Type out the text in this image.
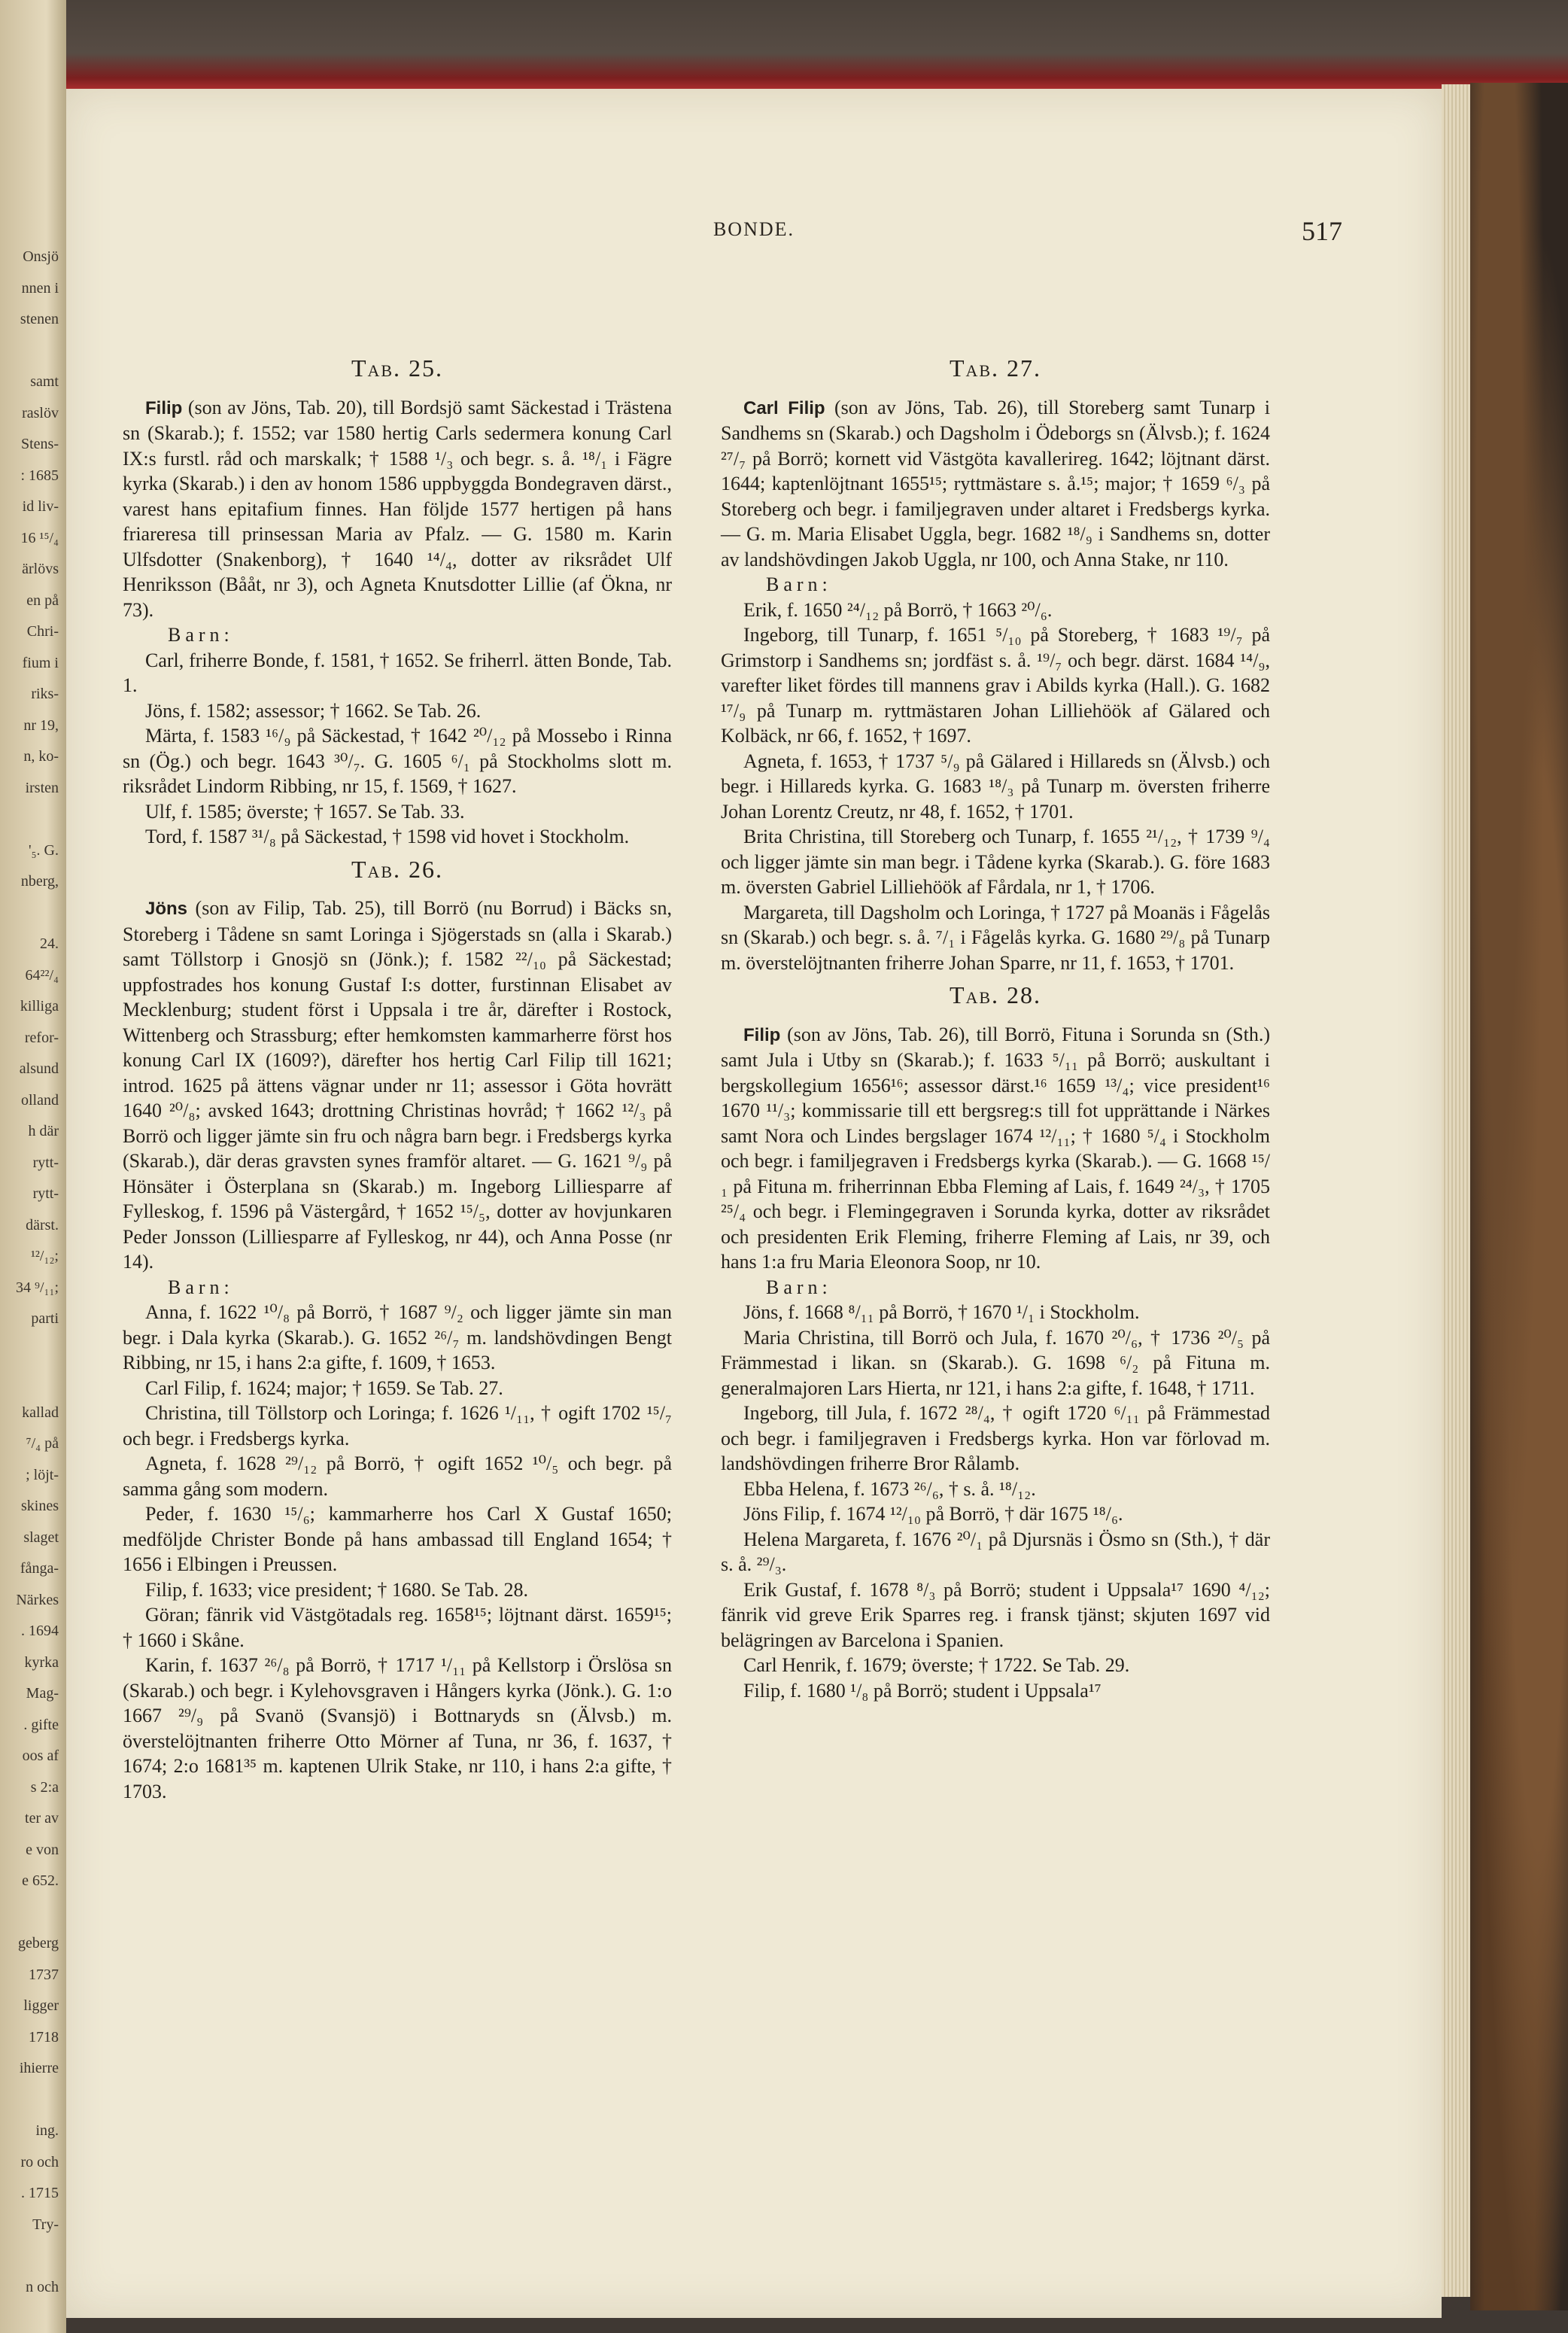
Onsjö
nnen i
stenen
samt
raslöv
Stens-
: 1685
id liv-
16 ¹⁵/₄
ärlövs
en på
Chri-
fium i
riks-
nr 19,
n, ko-
irsten
'₅. G.
nberg,
24.
64²²/₄
killiga
refor-
alsund
olland
h där
rytt-
rytt-
därst.
¹²/₁₂;
34 ⁹/₁₁;
parti
kallad
⁷/₄ på
; löjt-
skines
slaget
fånga-
Närkes
. 1694
kyrka
Mag-
. gifte
oos af
s 2:a
ter av
e von
e 652.
geberg
1737
ligger
1718
ihierre
ing.
ro och
. 1715
Try-
n och
BONDE.	517

Tab. 25.

Filip (son av Jöns, Tab. 20), till Bordsjö samt Säckestad i Trästena sn (Skarab.); f. 1552; var 1580 hertig Carls sedermera konung Carl IX:s furstl. råd och marskalk; † 1588 ¹/₃ och begr. s. å. ¹⁸/₁ i Fägre kyrka (Skarab.) i den av honom 1586 uppbyggda Bondegraven därst., varest hans epitafium finnes. Han följde 1577 hertigen på hans friareresa till prinsessan Maria av Pfalz. — G. 1580 m. Karin Ulfsdotter (Snakenborg), † 1640 ¹⁴/₄, dotter av riksrådet Ulf Henriksson (Bååt, nr 3), och Agneta Knutsdotter Lillie (af Ökna, nr 73).

Barn:

Carl, friherre Bonde, f. 1581, † 1652. Se friherrl. ätten Bonde, Tab. 1.

Jöns, f. 1582; assessor; † 1662. Se Tab. 26.

Märta, f. 1583 ¹⁶/₉ på Säckestad, † 1642 ²⁰/₁₂ på Mossebo i Rinna sn (Ög.) och begr. 1643 ³⁰/₇. G. 1605 ⁶/₁ på Stockholms slott m. riksrådet Lindorm Ribbing, nr 15, f. 1569, † 1627.

Ulf, f. 1585; överste; † 1657. Se Tab. 33.

Tord, f. 1587 ³¹/₈ på Säckestad, † 1598 vid hovet i Stockholm.

Tab. 26.

Jöns (son av Filip, Tab. 25), till Borrö (nu Borrud) i Bäcks sn, Storeberg i Tådene sn samt Loringa i Sjögerstads sn (alla i Skarab.) samt Töllstorp i Gnosjö sn (Jönk.); f. 1582 ²²/₁₀ på Säckestad; uppfostrades hos konung Gustaf I:s dotter, furstinnan Elisabet av Mecklenburg; student först i Uppsala i tre år, därefter i Rostock, Wittenberg och Strassburg; efter hemkomsten kammarherre först hos konung Carl IX (1609?), därefter hos hertig Carl Filip till 1621; introd. 1625 på ättens vägnar under nr 11; assessor i Göta hovrätt 1640 ²⁰/₈; avsked 1643; drottning Christinas hovråd; † 1662 ¹²/₃ på Borrö och ligger jämte sin fru och några barn begr. i Fredsbergs kyrka (Skarab.), där deras gravsten synes framför altaret. — G. 1621 ⁹/₉ på Hönsäter i Österplana sn (Skarab.) m. Ingeborg Lilliesparre af Fylleskog, f. 1596 på Västergård, † 1652 ¹⁵/₅, dotter av hovjunkaren Peder Jonsson (Lilliesparre af Fylleskog, nr 44), och Anna Posse (nr 14).

Barn:

Anna, f. 1622 ¹⁰/₈ på Borrö, † 1687 ⁹/₂ och ligger jämte sin man begr. i Dala kyrka (Skarab.). G. 1652 ²⁶/₇ m. landshövdingen Bengt Ribbing, nr 15, i hans 2:a gifte, f. 1609, † 1653.

Carl Filip, f. 1624; major; † 1659. Se Tab. 27.

Christina, till Töllstorp och Loringa; f. 1626 ¹/₁₁, † ogift 1702 ¹⁵/₇ och begr. i Fredsbergs kyrka.

Agneta, f. 1628 ²⁹/₁₂ på Borrö, † ogift 1652 ¹⁰/₅ och begr. på samma gång som modern.

Peder, f. 1630 ¹⁵/₆; kammarherre hos Carl X Gustaf 1650; medföljde Christer Bonde på hans ambassad till England 1654; † 1656 i Elbingen i Preussen.

Filip, f. 1633; vice president; † 1680. Se Tab. 28.

Göran; fänrik vid Västgötadals reg. 1658¹⁵; löjtnant därst. 1659¹⁵; † 1660 i Skåne.

Karin, f. 1637 ²⁶/₈ på Borrö, † 1717 ¹/₁₁ på Kellstorp i Örslösa sn (Skarab.) och begr. i Kylehovsgraven i Hångers kyrka (Jönk.). G. 1:o 1667 ²⁹/₉ på Svanö (Svansjö) i Bottnaryds sn (Älvsb.) m. överstelöjtnanten friherre Otto Mörner af Tuna, nr 36, f. 1637, † 1674; 2:o 1681³⁵ m. kaptenen Ulrik Stake, nr 110, i hans 2:a gifte, † 1703.

Tab. 27.

Carl Filip (son av Jöns, Tab. 26), till Storeberg samt Tunarp i Sandhems sn (Skarab.) och Dagsholm i Ödeborgs sn (Älvsb.); f. 1624 ²⁷/₇ på Borrö; kornett vid Västgöta kavallerireg. 1642; löjtnant därst. 1644; kaptenlöjtnant 1655¹⁵; ryttmästare s. å.¹⁵; major; † 1659 ⁶/₃ på Storeberg och begr. i familjegraven under altaret i Fredsbergs kyrka. — G. m. Maria Elisabet Uggla, begr. 1682 ¹⁸/₉ i Sandhems sn, dotter av landshövdingen Jakob Uggla, nr 100, och Anna Stake, nr 110.

Barn:

Erik, f. 1650 ²⁴/₁₂ på Borrö, † 1663 ²⁰/₆.

Ingeborg, till Tunarp, f. 1651 ⁵/₁₀ på Storeberg, † 1683 ¹⁹/₇ på Grimstorp i Sandhems sn; jordfäst s. å. ¹⁹/₇ och begr. därst. 1684 ¹⁴/₉, varefter liket fördes till mannens grav i Abilds kyrka (Hall.). G. 1682 ¹⁷/₉ på Tunarp m. ryttmästaren Johan Lilliehöök af Gälared och Kolbäck, nr 66, f. 1652, † 1697.

Agneta, f. 1653, † 1737 ⁵/₉ på Gälared i Hillareds sn (Älvsb.) och begr. i Hillareds kyrka. G. 1683 ¹⁸/₃ på Tunarp m. översten friherre Johan Lorentz Creutz, nr 48, f. 1652, † 1701.

Brita Christina, till Storeberg och Tunarp, f. 1655 ²¹/₁₂, † 1739 ⁹/₄ och ligger jämte sin man begr. i Tådene kyrka (Skarab.). G. före 1683 m. översten Gabriel Lilliehöök af Fårdala, nr 1, † 1706.

Margareta, till Dagsholm och Loringa, † 1727 på Moanäs i Fågelås sn (Skarab.) och begr. s. å. ⁷/₁ i Fågelås kyrka. G. 1680 ²⁹/₈ på Tunarp m. överstelöjtnanten friherre Johan Sparre, nr 11, f. 1653, † 1701.

Tab. 28.

Filip (son av Jöns, Tab. 26), till Borrö, Fituna i Sorunda sn (Sth.) samt Jula i Utby sn (Skarab.); f. 1633 ⁵/₁₁ på Borrö; auskultant i bergskollegium 1656¹⁶; assessor därst.¹⁶ 1659 ¹³/₄; vice president¹⁶ 1670 ¹¹/₃; kommissarie till ett bergsreg:s till fot upprättande i Närkes samt Nora och Lindes bergslager 1674 ¹²/₁₁; † 1680 ⁵/₄ i Stockholm och begr. i familjegraven i Fredsbergs kyrka (Skarab.). — G. 1668 ¹⁵/₁ på Fituna m. friherrinnan Ebba Fleming af Lais, f. 1649 ²⁴/₃, † 1705 ²⁵/₄ och begr. i Flemingegraven i Sorunda kyrka, dotter av riksrådet och presidenten Erik Fleming, friherre Fleming af Lais, nr 39, och hans 1:a fru Maria Eleonora Soop, nr 10.

Barn:

Jöns, f. 1668 ⁸/₁₁ på Borrö, † 1670 ¹/₁ i Stockholm.

Maria Christina, till Borrö och Jula, f. 1670 ²⁰/₆, † 1736 ²⁰/₅ på Främmestad i likan. sn (Skarab.). G. 1698 ⁶/₂ på Fituna m. generalmajoren Lars Hierta, nr 121, i hans 2:a gifte, f. 1648, † 1711.

Ingeborg, till Jula, f. 1672 ²⁸/₄, † ogift 1720 ⁶/₁₁ på Främmestad och begr. i familjegraven i Fredsbergs kyrka. Hon var förlovad m. landshövdingen friherre Bror Rålamb.

Ebba Helena, f. 1673 ²⁶/₆, † s. å. ¹⁸/₁₂.

Jöns Filip, f. 1674 ¹²/₁₀ på Borrö, † där 1675 ¹⁸/₆.

Helena Margareta, f. 1676 ²⁰/₁ på Djursnäs i Ösmo sn (Sth.), † där s. å. ²⁹/₃.

Erik Gustaf, f. 1678 ⁸/₃ på Borrö; student i Uppsala¹⁷ 1690 ⁴/₁₂; fänrik vid greve Erik Sparres reg. i fransk tjänst; skjuten 1697 vid belägringen av Barcelona i Spanien.

Carl Henrik, f. 1679; överste; † 1722. Se Tab. 29.

Filip, f. 1680 ¹/₈ på Borrö; student i Uppsala¹⁷
